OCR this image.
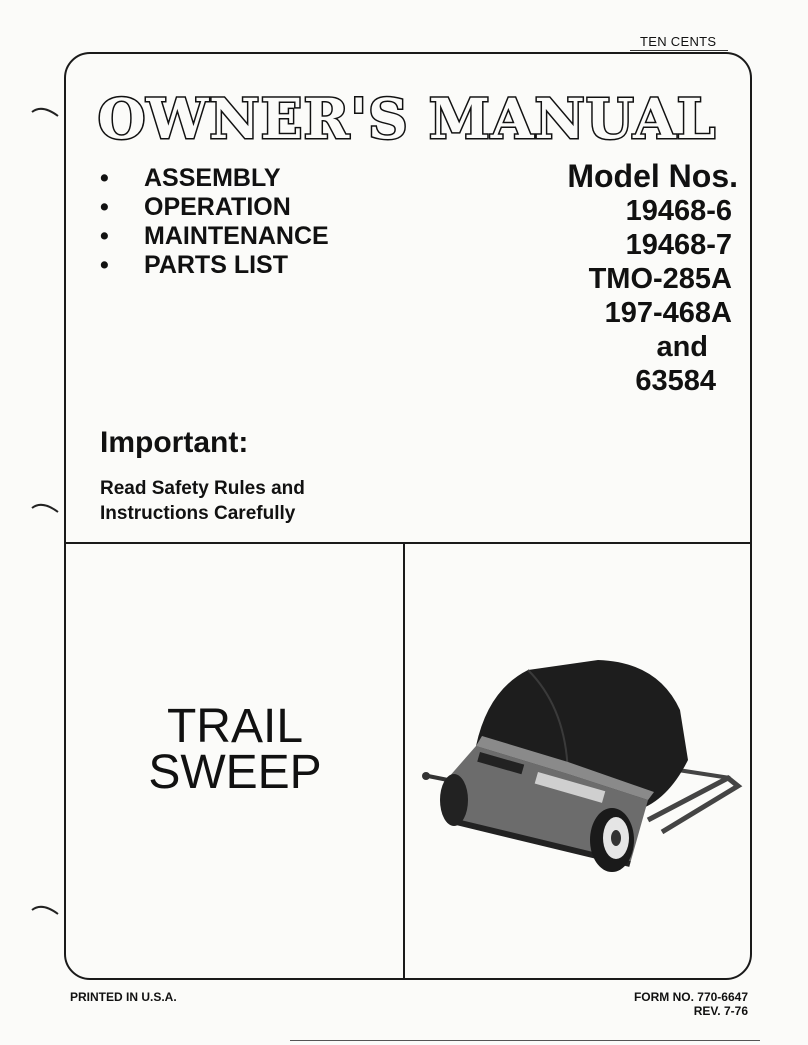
TEN CENTS
OWNER'S MANUAL
• ASSEMBLY
• OPERATION
• MAINTENANCE
• PARTS LIST
Model Nos.
19468-6
19468-7
TMO-285A
197-468A
and
63584
Important:
Read Safety Rules and
Instructions Carefully
TRAIL
SWEEP
PRINTED IN U.S.A.	FORM NO. 770-6647
REV. 7-76
